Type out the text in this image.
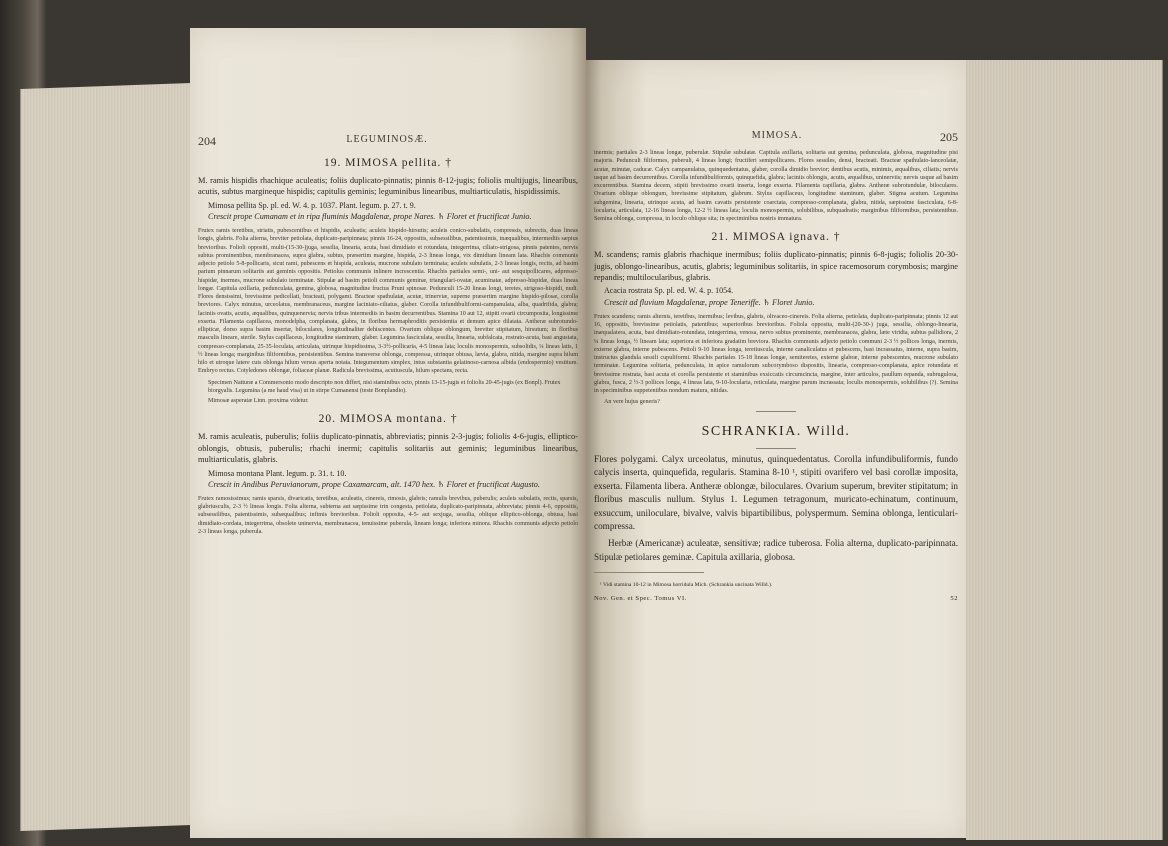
204	LEGUMINOSÆ.
19. MIMOSA pellita. †

M. ramis hispidis rhachique aculeatis; foliis duplicato-pinnatis; pinnis 8-12-jugis; foliolis multijugis, linearibus, acutis, subtus margineque hispidis; capitulis geminis; leguminibus linearibus, multiarticulatis, hispidissimis.

Mimosa pellita Sp. pl. ed. W. 4. p. 1037. Plant. legum. p. 27. t. 9.

Crescit prope Cumanam et in ripa fluminis Magdalenæ, prope Nares. ♄ Floret et fructificat Junio.

Frutex ramis teretibus, striatis, pubescentibus et hispidis, aculeatis; aculeis hispido-hirsutis; aculeis conico-subulatis, compressis, subrectis, duas lineas longis, glabris. Folia alterna, breviter petiolata, duplicato-paripinnata; pinnis 16-24, oppositis, subsessilibus, patentissimis, inæqualibus, intermediis sæpius brevioribus. Folioli oppositi, multi-(15-30-)juga, sessilia, linearia, acuta, basi dimidiato et rotundata, integerrima, ciliato-strigosa, pinnis patentes, nervis subtus prominentibus, membranacea, supra glabra, subtus, præsertim margine, hispida, 2-3 lineas longa, vix dimidiam lineam lata. Rhachis communis adjecto petiolo 5-8-pollicaris, sicut rami, pubescens et hispida, aculeata, mucrone subulato terminata; aculeis subulatis, 2-3 lineas longis, rectis, ad basim parium pinnarum solitariis aut geminis oppositis. Petiolus communis inlinere increscentia. Rhachis partiales semi-, uni- aut sesquipollicares, adpresso-hispidæ, inermes, mucrone subulato terminatæ. Stipulæ ad basim petioli communis geminæ, triangulari-ovatæ, acuminatæ, adpresso-hispidæ, duas lineas longæ. Capitula axillaria, pedunculata, gemina, globosa, magnitudine fructus Pruni spinosæ. Pedunculi 15-20 lineas longi, teretes, strigoso-hispidi, nudi. Flores densissimi, brevissime pedicellati, bracteati, polygami. Bracteæ spathulatæ, acutæ, trinerviæ, superne præsertim margine hispido-pilosæ, corolla breviores. Calyx minutus, urceolatus, membranaceus, margine laciniato-ciliatus, glaber. Corolla infundibuliformi-campanulata, alba, quadrifida, glabra; laciniis ovatis, acutis, æqualibus, quinquenervia; nervis tribus intermediis in basim decurrentibus. Stamina 10 aut 12, stipiti ovarii circumposita, longissime exserta. Filamenta capillacea, monodelpha, complanata, glabra, in floribus hermaphroditis persistentia et demum apice dilatata. Antheræ subrotundo-ellipticæ, dorso supra basim insertæ, biloculares, longitudinaliter dehiscentes. Ovarium oblique oblongum, breviter stipitatum, hirsutum; in floribus masculis lineare, sterile. Stylus capillaceus, longitudine staminum, glaber. Legumina fasciculata, sessilia, linearia, subfalcata, rostrato-acuta, basi angustata, compresso-complanata, 25-35-loculata, articulata, utrinque hispidissima, 3-3½-pollicaria, 4-5 lineas lata; loculis monospermis, subsolidis, ¼ lineas latis, 1 ½ lineas longa; marginibus filiformibus, persistentibus. Semina transverse oblonga, compressa, utrinque obtusa, lævia, glabra, nitida, margine supra hilum hilo et utroque latere cuts oblonga hilum versus aperta notata. Integumentum simplex, intus substantia gelatinoso-carnosa albida (endospermio) vestitum. Embryo rectus. Cotyledones oblongæ, foliaceæ planæ. Radicula brevissima, acutiuscula, hilum spectans, recta.

Specimen Natturæ a Commersonio modo descripto non differt, nisi staminibus octo, pinnis 13-15-jugis et foliolis 20-45-jugis (ex Bonpl). Frutex biorgyalis. Legumina (a me haud visa) ut in stirpe Cumanensi (teste Bonplandio).

Mimosæ asperatæ Linn. proxima videtur.

20. MIMOSA montana. †

M. ramis aculeatis, puberulis; foliis duplicato-pinnatis, abbreviatis; pinnis 2-3-jugis; foliolis 4-6-jugis, elliptico-oblongis, obtusis, puberulis; rhachi inermi; capitulis solitariis aut geminis; leguminibus linearibus, multiarticulatis, glabris.

Mimosa montana Plant. legum. p. 31. t. 10.

Crescit in Andibus Peruvianorum, prope Caxamarcam, alt. 1470 hex. ♄ Floret et fructificat Augusto.

Frutex ramosissimus; ramis sparsis, divaricatis, teretibus, aculeatis, cinereis, rimosis, glabris; ramulis brevibus, puberulis; aculeis subulatis, rectis, sparsis, glabriusculis, 2-3 ½ lineas longis. Folia alterna, subterna aut sæpissime trin congesta, petiolata, duplicato-paripinnata, abbreviata; pinnis 4-6, oppositis, subsessilibus, patentissimis, subæqualibus; infimis brevioribus. Folioli opposita, 4-5- aut sexjuga, sessilia, oblique elliptico-oblonga, obtusa, basi dimidiato-cordata, integerrima, obsolete uninervia, membranacea, tenuissime puberula, lineam longa; inferiora minora. Rhachis communis adjecto petiolo 2-3 lineas longa, puberula.

MIMOSA.	205

inermis; partiales 2-3 lineas longæ, puberulæ. Stipulæ subulatæ. Capitula axillaria, solitaria aut gemina, pedunculata, globosa, magnitudine pisi majoris. Pedunculi filiformes, puberuli, 4 lineas longi; fructiferi semipollicares. Flores sessiles, densi, bracteati. Bracteæ spathulato-lanceolatæ, acutæ, minutæ, caducæ. Calyx campanulatus, quinquedentatus, glaber, corolla dimidio brevior; dentibus acutis, minimis, æqualibus, ciliatis; nervis usque ad basim decurrentibus. Corolla infundibuliformis, quinquefida, glabra; laciniis oblongis, acutis, æqualibus, uninerviis; nervis usque ad basim excurrentibus. Stamina decem, stipiti brevissimo ovarii inserta, longe exserta. Filamenta capillaria, glabra. Antheræ subrotundulæ, biloculares. Ovarium oblique oblongum, brevissime stipitatum, glabrum. Stylus capillaceus, longitudine staminum, glaber. Stigma acutum. Legumina subgemina, linearia, utrinque acuta, ad basim cavatis persistente coarctata, compresso-complanata, glabra, nitida, sæpissime fasciculata, 6-8-locularia, articulata, 12-16 lineas longa, 12-2 ½ lineas lata; loculis monospermis, solubilibus, subquadratis; marginibus filiformibus, persistentibus. Semina oblonga, compressa, in loculo oblique sita; in speciminibus nostris immatura.

21. MIMOSA ignava. †

M. scandens; ramis glabris rhachique inermibus; foliis duplicato-pinnatis; pinnis 6-8-jugis; foliolis 20-30-jugis, oblongo-linearibus, acutis, glabris; leguminibus solitariis, in spice racemosorum corymbosis; margine repandis; multilocularibus, glabris.

Acacia rostrata Sp. pl. ed. W. 4. p. 1054.

Crescit ad fluvium Magdalenæ, prope Teneriffe. ♄ Floret Junio.

Frutex scandens; ramis alternis, teretibus, inermibus; levibus, glabris, olivaceo-cinereis. Folia alterna, petiolata, duplicato-paripinnata; pinnis 12 aut 16, oppositis, brevissime petiolatis, patentibus; superioribus brevioribus. Foliola opposita, multi-(20-30-) juga, sessilia, oblongo-linearia, inæqualatera, acuta, basi dimidiato-rotundata, integerrima, venosa, nervo subtus prominente, membranacea, glabra, læte viridia, subtus pallidiora, 2 ¼ lineas longa, ½ lineam lata; superiora et inferiora gradatim breviora. Rhachis communis adjecto petiolo communi 2-3 ½ pollices longa, inermis, externe glabra, interne pubescens. Petioli 9-10 lineas longa, teretiuscula, interne canaliculatus et pubescens, basi incrassatus, interne, supra basim, instructus glandula sessili cupuliformi. Rhachis partiales 15-18 lineas longæ, semiteretes, externe glabræ, interne pubescentes, mucrone subulato terminatæ. Legumina solitaria, pedunculata, in apice ramulorum subcorymboso dispositis, linearia, compresso-complanata, apice rotundata et brevissime rostrata, basi acuta et corolla persistente et staminibus exsiccatis circumcincta, margine, inter articulos, paullum repanda, subrugulosa, glabra, fusca, 2 ½-3 pollices longa, 4 lineas lata, 9-10-locularia, reticulata, margine parum incrassata; loculis monospermis, solubilibus (?). Semina in speciminibus suppetentibus nondum matura, nitidas.

An vere hujus generis?

SCHRANKIA. Willd.

Flores polygami. Calyx urceolatus, minutus, quinquedentatus. Corolla infundibuliformis, fundo calycis inserta, quinquefida, regularis. Stamina 8-10 ¹, stipiti ovarifero vel basi corollæ imposita, exserta. Filamenta libera. Antheræ oblongæ, biloculares. Ovarium superum, breviter stipitatum; in floribus masculis nullum. Stylus 1. Legumen tetragonum, muricato-echinatum, continuum, exsuccum, uniloculare, bivalve, valvis bipartibilibus, polyspermum. Semina oblonga, lenticulari-compressa.

Herbæ (Americanæ) aculeatæ, sensitivæ; radice tuberosa. Folia alterna, duplicato-paripinnata. Stipulæ petiolares geminæ. Capitula axillaria, globosa.

¹ Vidi stamina 10-12 in Mimosa horridula Mich. (Schrankia uncinata Willd.).

Nov. Gen. et Spec. Tomus VI.	52
